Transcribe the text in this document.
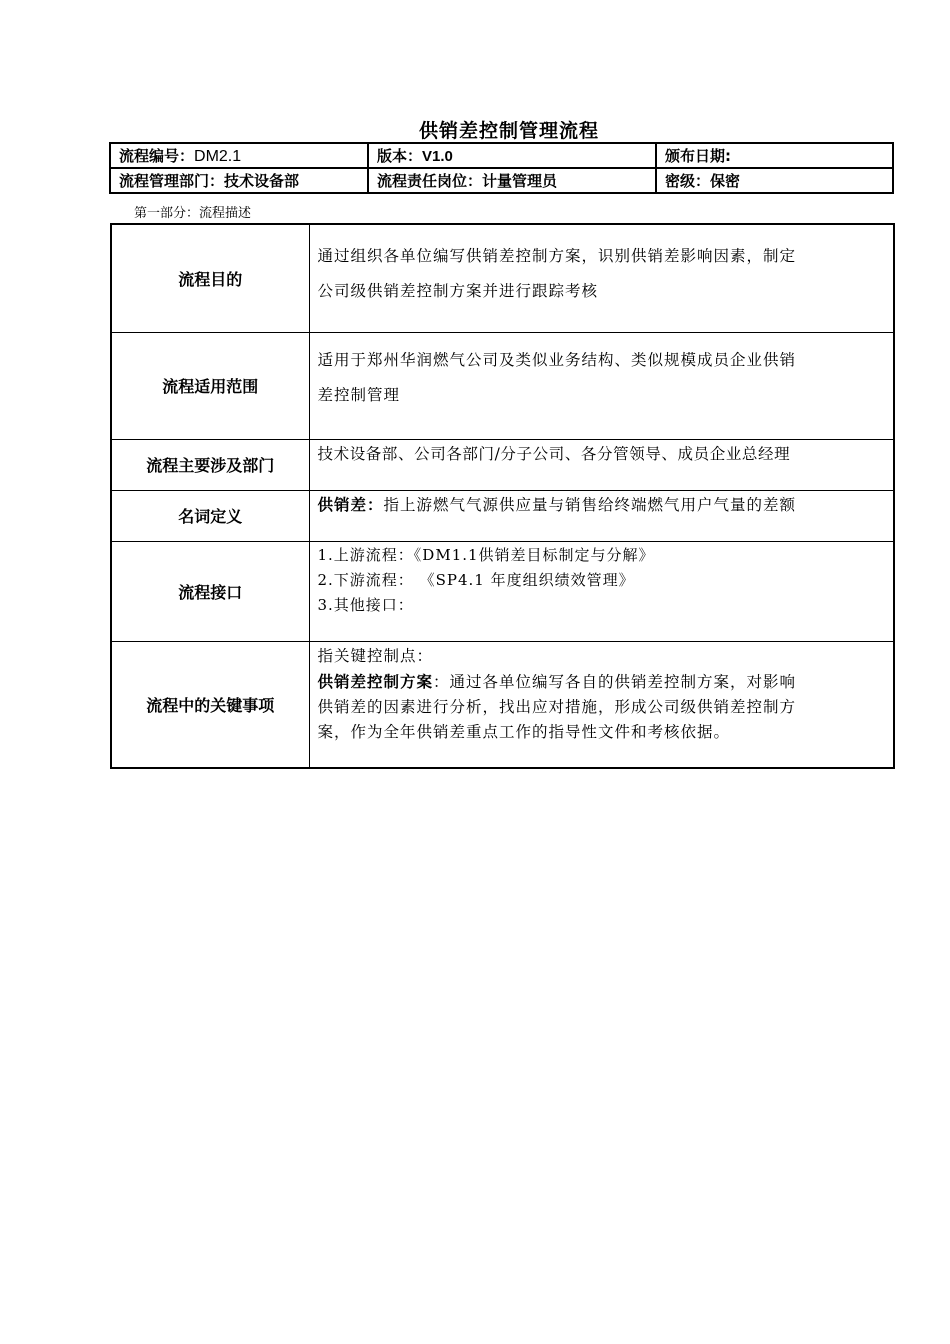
供销差控制管理流程
流程编号：DM2.1	版本：V1.0	颁布日期:
流程管理部门：技术设备部	流程责任岗位：计量管理员	密级：保密
第一部分：流程描述
流程目的	通过组织各单位编写供销差控制方案，识别供销差影响因素，制定
公司级供销差控制方案并进行跟踪考核

流程适用范围	适用于郑州华润燃气公司及类似业务结构、类似规模成员企业供销
差控制管理

流程主要涉及部门	技术设备部、公司各部门/分子公司、各分管领导、成员企业总经理

名词定义	供销差：指上游燃气气源供应量与销售给终端燃气用户气量的差额

流程接口	1.上游流程：《DM1.1供销差目标制定与分解》
2.下游流程： 《SP4.1 年度组织绩效管理》
3.其他接口：

流程中的关键事项	指关键控制点：
供销差控制方案：通过各单位编写各自的供销差控制方案，对影响
供销差的因素进行分析，找出应对措施，形成公司级供销差控制方
案，作为全年供销差重点工作的指导性文件和考核依据。
